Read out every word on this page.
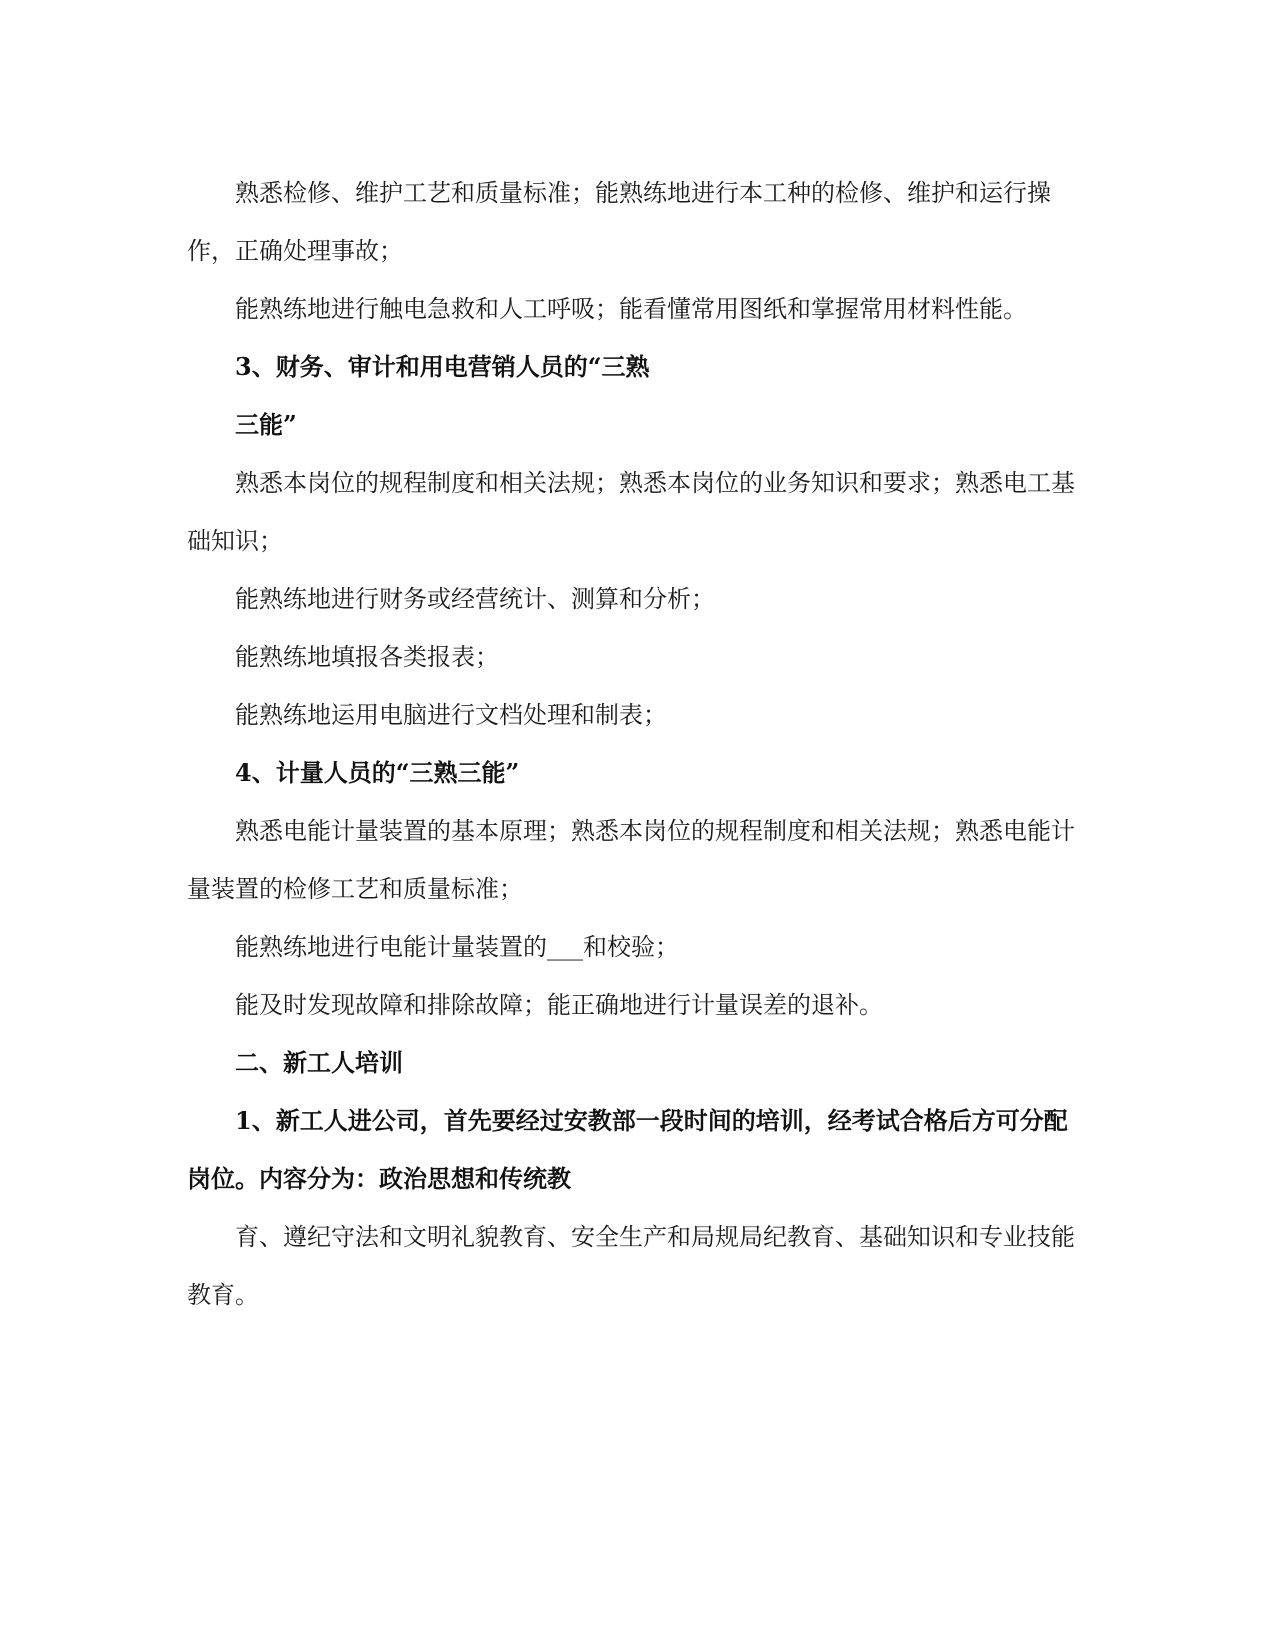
熟悉检修、维护工艺和质量标准；能熟练地进行本工种的检修、维护和运行操作，正确处理事故；

能熟练地进行触电急救和人工呼吸；能看懂常用图纸和掌握常用材料性能。

3、财务、审计和用电营销人员的“三熟

三能”

熟悉本岗位的规程制度和相关法规；熟悉本岗位的业务知识和要求；熟悉电工基础知识；

能熟练地进行财务或经营统计、测算和分析；

能熟练地填报各类报表；

能熟练地运用电脑进行文档处理和制表；

4、计量人员的“三熟三能”

熟悉电能计量装置的基本原理；熟悉本岗位的规程制度和相关法规；熟悉电能计量装置的检修工艺和质量标准；

能熟练地进行电能计量装置的___和校验；

能及时发现故障和排除故障；能正确地进行计量误差的退补。

二、新工人培训

1、新工人进公司，首先要经过安教部一段时间的培训，经考试合格后方可分配岗位。内容分为：政治思想和传统教

育、遵纪守法和文明礼貌教育、安全生产和局规局纪教育、基础知识和专业技能教育。
